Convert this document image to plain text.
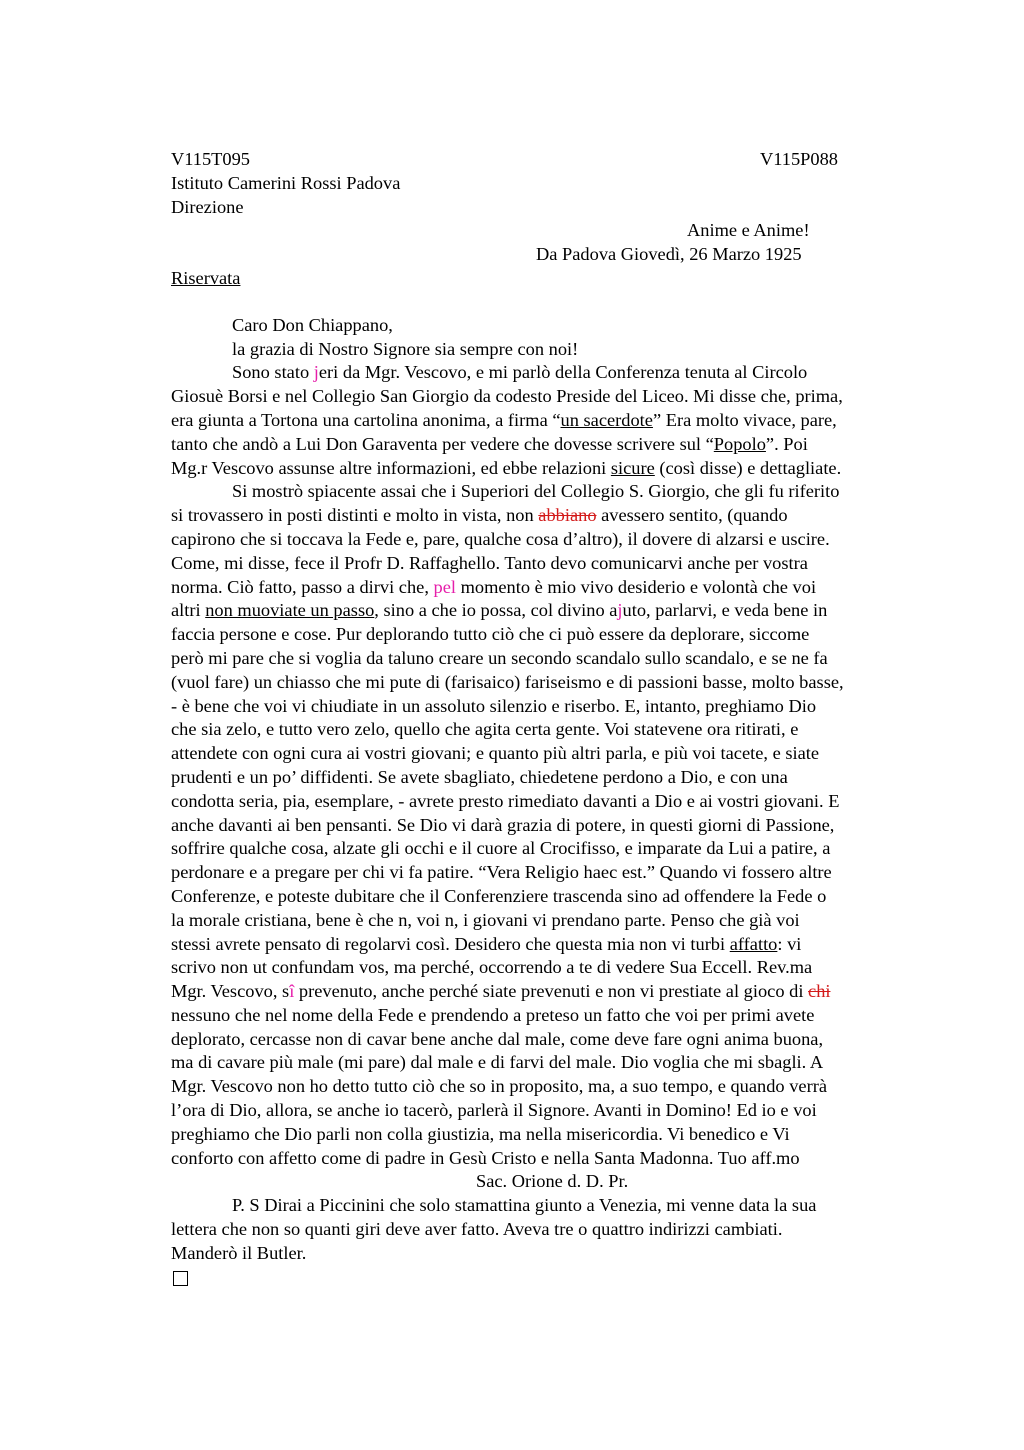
V115T095	V115P088
Istituto Camerini Rossi Padova
Direzione
Anime e Anime!
Da Padova Giovedì, 26 Marzo 1925
Riservata
Caro Don Chiappano,
la grazia di Nostro Signore sia sempre con noi!
Sono stato jeri da Mgr. Vescovo, e mi parlò della Conferenza tenuta al Circolo
Giosuè Borsi e nel Collegio San Giorgio da codesto Preside del Liceo. Mi disse che, prima,
era giunta a Tortona una cartolina anonima, a firma “un sacerdote” Era molto vivace, pare,
tanto che andò a Lui Don Garaventa per vedere che dovesse scrivere sul “Popolo”. Poi
Mg.r Vescovo assunse altre informazioni, ed ebbe relazioni sicure (così disse) e dettagliate.
Si mostrò spiacente assai che i Superiori del Collegio S. Giorgio, che gli fu riferito
si trovassero in posti distinti e molto in vista, non abbiano avessero sentito, (quando
capirono che si toccava la Fede e, pare, qualche cosa d’altro), il dovere di alzarsi e uscire.
Come, mi disse, fece il Profr D. Raffaghello. Tanto devo comunicarvi anche per vostra
norma. Ciò fatto, passo a dirvi che, pel momento è mio vivo desiderio e volontà che voi
altri non muoviate un passo, sino a che io possa, col divino ajuto, parlarvi, e veda bene in
faccia persone e cose. Pur deplorando tutto ciò che ci può essere da deplorare, siccome
però mi pare che si voglia da taluno creare un secondo scandalo sullo scandalo, e se ne fa
(vuol fare) un chiasso che mi pute di (farisaico) fariseismo e di passioni basse, molto basse,
- è bene che voi vi chiudiate in un assoluto silenzio e riserbo. E, intanto, preghiamo Dio
che sia zelo, e tutto vero zelo, quello che agita certa gente. Voi statevene ora ritirati, e
attendete con ogni cura ai vostri giovani; e quanto più altri parla, e più voi tacete, e siate
prudenti e un po’ diffidenti. Se avete sbagliato, chiedetene perdono a Dio, e con una
condotta seria, pia, esemplare, - avrete presto rimediato davanti a Dio e ai vostri giovani. E
anche davanti ai ben pensanti. Se Dio vi darà grazia di potere, in questi giorni di Passione,
soffrire qualche cosa, alzate gli occhi e il cuore al Crocifisso, e imparate da Lui a patire, a
perdonare e a pregare per chi vi fa patire. “Vera Religio haec est.” Quando vi fossero altre
Conferenze, e poteste dubitare che il Conferenziere trascenda sino ad offendere la Fede o
la morale cristiana, bene è che n, voi n, i giovani vi prendano parte. Penso che già voi
stessi avrete pensato di regolarvi così. Desidero che questa mia non vi turbi affatto: vi
scrivo non ut confundam vos, ma perché, occorrendo a te di vedere Sua Eccell. Rev.ma
Mgr. Vescovo, sî prevenuto, anche perché siate prevenuti e non vi prestiate al gioco di chi
nessuno che nel nome della Fede e prendendo a preteso un fatto che voi per primi avete
deplorato, cercasse non di cavar bene anche dal male, come deve fare ogni anima buona,
ma di cavare più male (mi pare) dal male e di farvi del male. Dio voglia che mi sbagli. A
Mgr. Vescovo non ho detto tutto ciò che so in proposito, ma, a suo tempo, e quando verrà
l’ora di Dio, allora, se anche io tacerò, parlerà il Signore. Avanti in Domino! Ed io e voi
preghiamo che Dio parli non colla giustizia, ma nella misericordia. Vi benedico e Vi
conforto con affetto come di padre in Gesù Cristo e nella Santa Madonna. Tuo aff.mo
Sac. Orione d. D. Pr.
P. S Dirai a Piccinini che solo stamattina giunto a Venezia, mi venne data la sua
lettera che non so quanti giri deve aver fatto. Aveva tre o quattro indirizzi cambiati.
Manderò il Butler.
